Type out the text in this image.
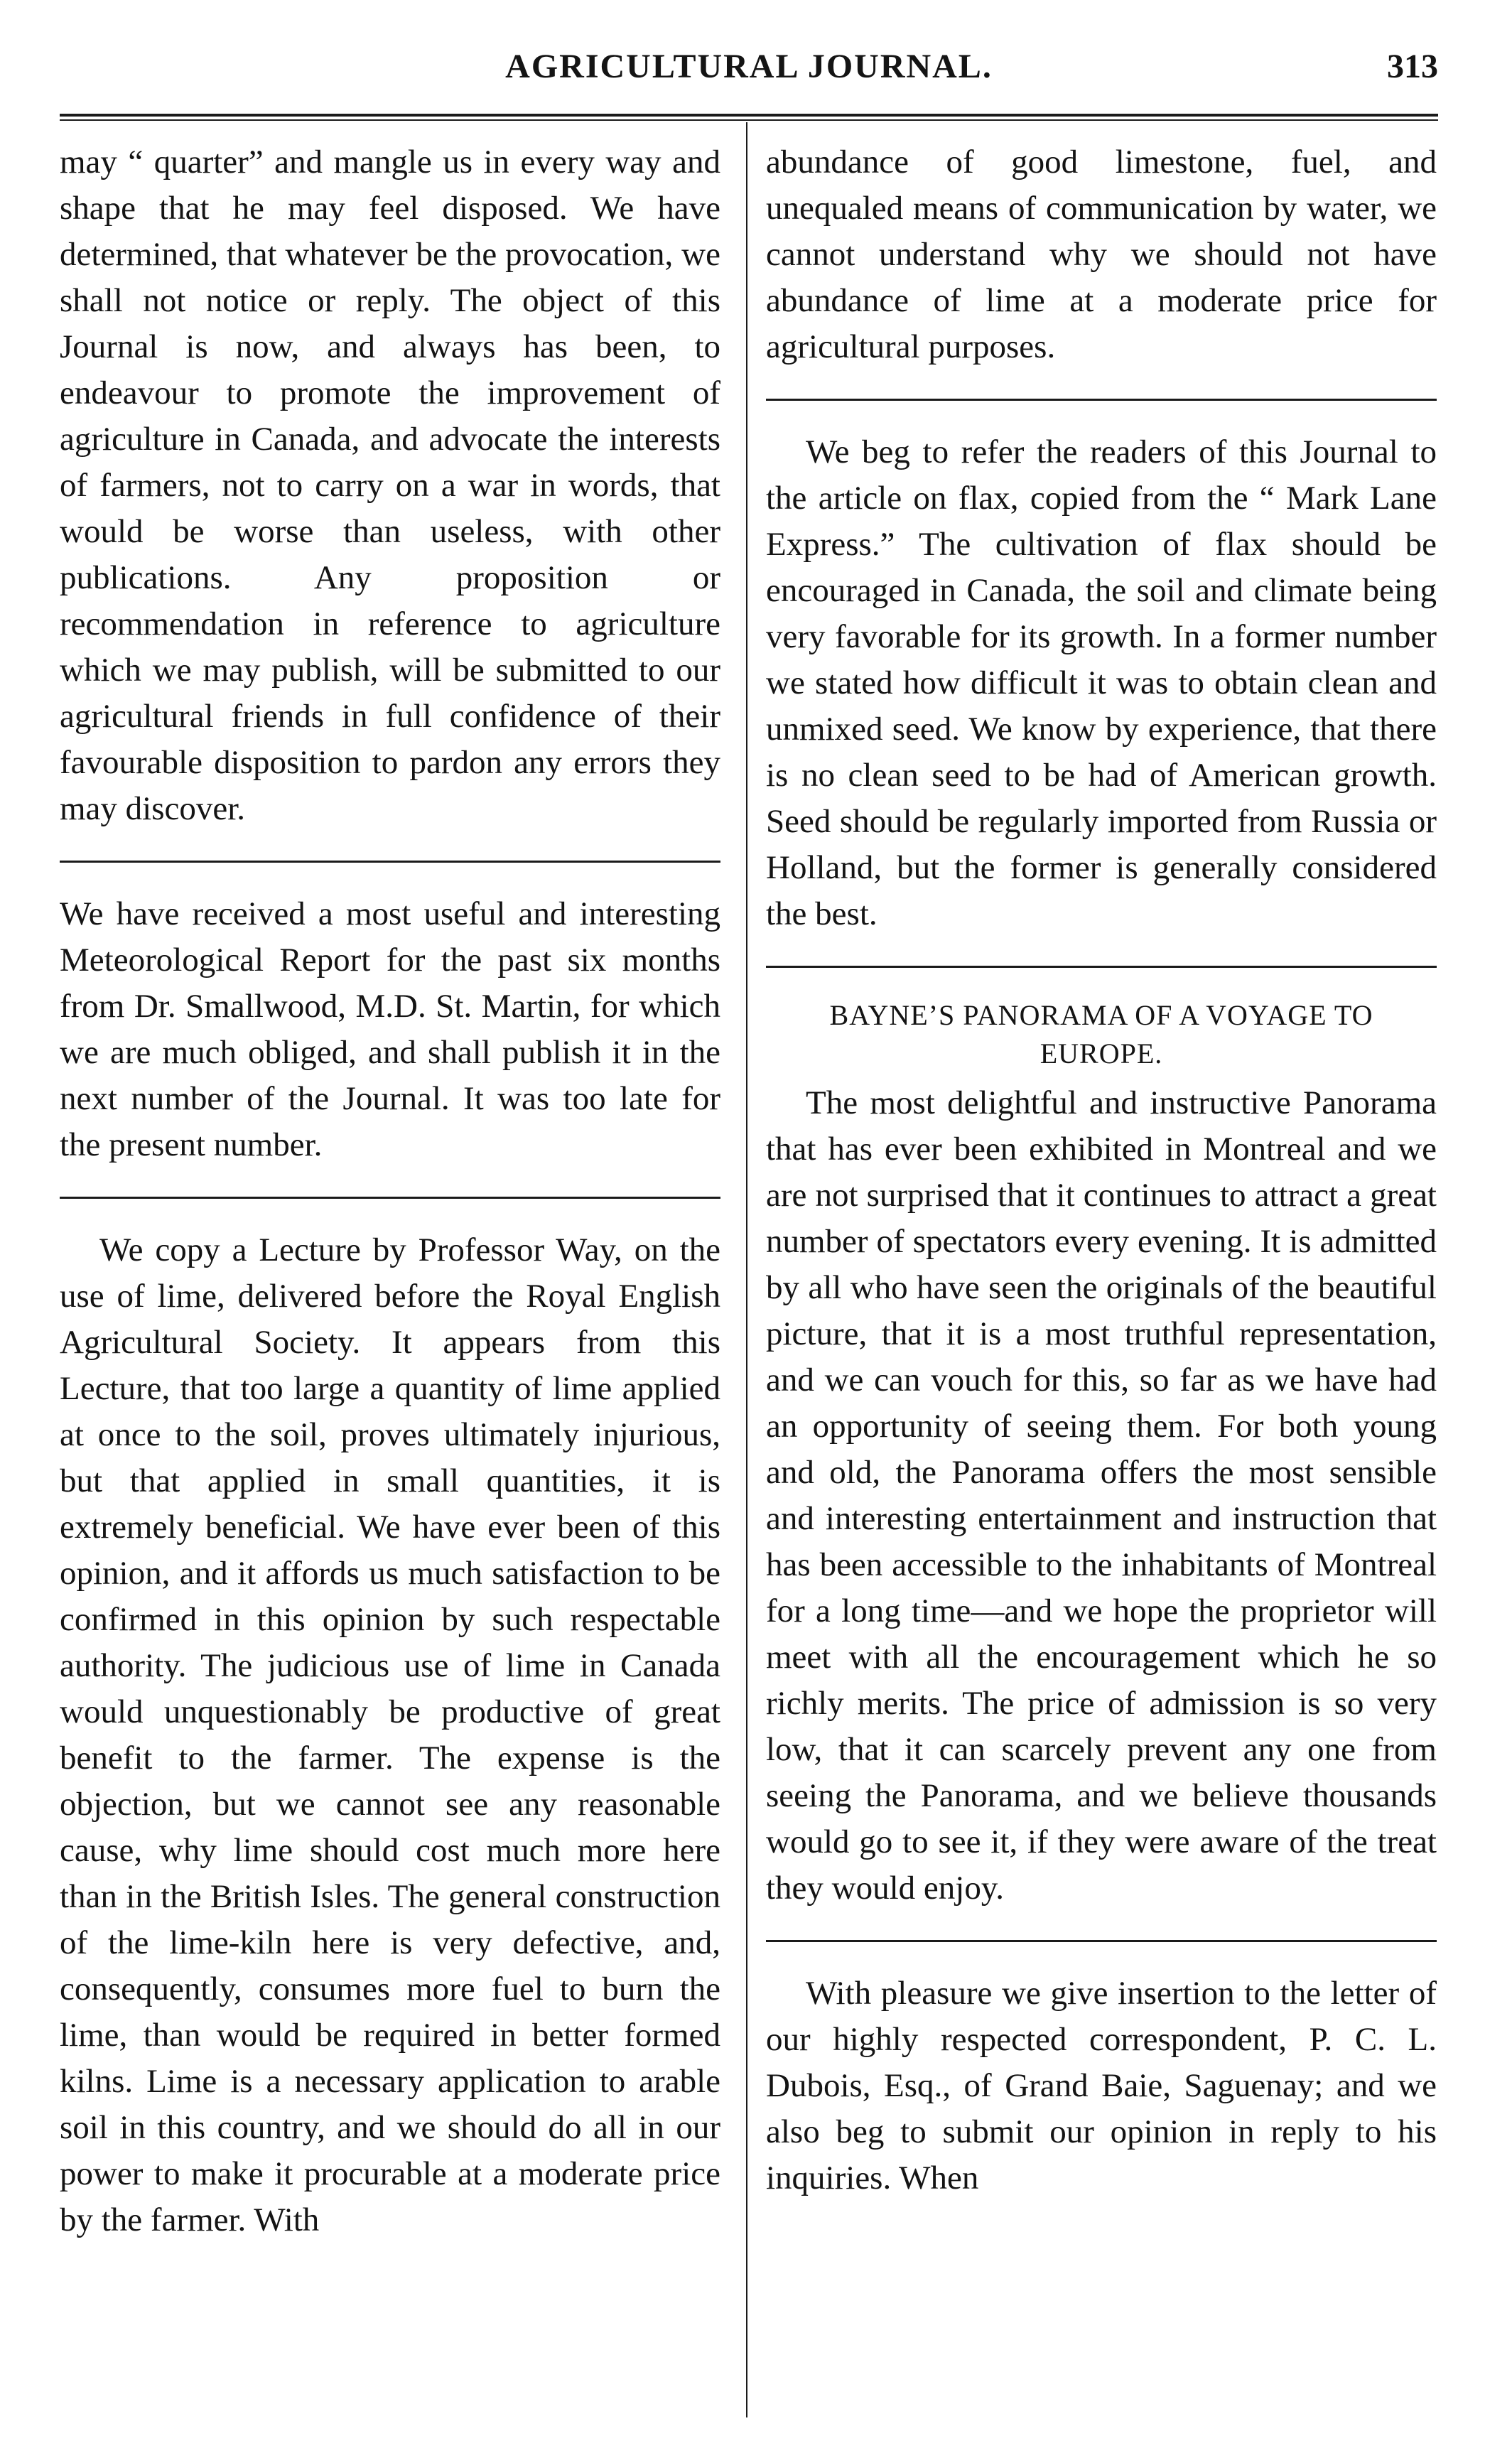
AGRICULTURAL JOURNAL.	313

may “ quarter” and mangle us in every way and shape that he may feel disposed. We have determined, that whatever be the provocation, we shall not notice or reply. The object of this Journal is now, and always has been, to endeavour to promote the improvement of agriculture in Canada, and advocate the interests of farmers, not to carry on a war in words, that would be worse than useless, with other publications. Any proposition or recommendation in reference to agriculture which we may publish, will be submitted to our agricultural friends in full confidence of their favourable disposition to pardon any errors they may discover.

We have received a most useful and interesting Meteorological Report for the past six months from Dr. Smallwood, M.D. St. Martin, for which we are much obliged, and shall publish it in the next number of the Journal. It was too late for the present number.

We copy a Lecture by Professor Way, on the use of lime, delivered before the Royal English Agricultural Society. It appears from this Lecture, that too large a quantity of lime applied at once to the soil, proves ultimately injurious, but that applied in small quantities, it is extremely beneficial. We have ever been of this opinion, and it affords us much satisfaction to be confirmed in this opinion by such respectable authority. The judicious use of lime in Canada would unquestionably be productive of great benefit to the farmer. The expense is the objection, but we cannot see any reasonable cause, why lime should cost much more here than in the British Isles. The general construction of the lime-kiln here is very defective, and, consequently, consumes more fuel to burn the lime, than would be required in better formed kilns. Lime is a necessary application to arable soil in this country, and we should do all in our power to make it procurable at a moderate price by the farmer. With

abundance of good limestone, fuel, and unequaled means of communication by water, we cannot understand why we should not have abundance of lime at a moderate price for agricultural purposes.

We beg to refer the readers of this Journal to the article on flax, copied from the “ Mark Lane Express.” The cultivation of flax should be encouraged in Canada, the soil and climate being very favorable for its growth. In a former number we stated how difficult it was to obtain clean and unmixed seed. We know by experience, that there is no clean seed to be had of American growth. Seed should be regularly imported from Russia or Holland, but the former is generally considered the best.

BAYNE’S PANORAMA OF A VOYAGE TO EUROPE.

The most delightful and instructive Panorama that has ever been exhibited in Montreal and we are not surprised that it continues to attract a great number of spectators every evening. It is admitted by all who have seen the originals of the beautiful picture, that it is a most truthful representation, and we can vouch for this, so far as we have had an opportunity of seeing them. For both young and old, the Panorama offers the most sensible and interesting entertainment and instruction that has been accessible to the inhabitants of Montreal for a long time—and we hope the proprietor will meet with all the encouragement which he so richly merits. The price of admission is so very low, that it can scarcely prevent any one from seeing the Panorama, and we believe thousands would go to see it, if they were aware of the treat they would enjoy.

With pleasure we give insertion to the letter of our highly respected correspondent, P. C. L. Dubois, Esq., of Grand Baie, Saguenay; and we also beg to submit our opinion in reply to his inquiries. When
